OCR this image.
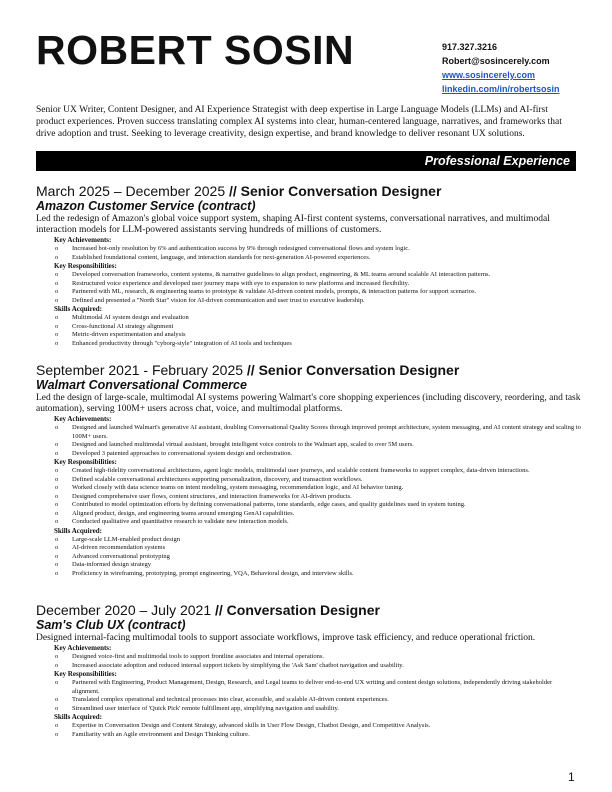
ROBERT SOSIN	917.327.3216
Robert@sosincerely.com
www.sosincerely.com
linkedin.com/in/robertsosin
Senior UX Writer, Content Designer, and AI Experience Strategist with deep expertise in Large Language Models (LLMs) and AI-first product experiences. Proven success translating complex AI systems into clear, human-centered language, narratives, and frameworks that drive adoption and trust. Seeking to leverage creativity, design expertise, and brand knowledge to deliver resonant UX solutions.
Professional Experience
March 2025 – December 2025 // Senior Conversation Designer
Amazon Customer Service (contract)
Led the redesign of Amazon's global voice support system, shaping AI-first content systems, conversational narratives, and multimodal interaction models for LLM-powered assistants serving hundreds of millions of customers.
Key Achievements:
o Increased bot-only resolution by 6% and authentication success by 9% through redesigned conversational flows and system logic.
o Established foundational content, language, and interaction standards for next-generation AI-powered experiences.
Key Responsibilities:
o Developed conversation frameworks, content systems, & narrative guidelines to align product, engineering, & ML teams around scalable AI interaction patterns.
o Restructured voice experience and developed user journey maps with eye to expansion to new platforms and increased flexibility.
o Partnered with ML, research, & engineering teams to prototype & validate AI-driven content models, prompts, & interaction patterns for support scenarios.
o Defined and presented a "North Star" vision for AI-driven communication and user trust to executive leadership.
Skills Acquired:
o Multimodal AI system design and evaluation
o Cross-functional AI strategy alignment
o Metric-driven experimentation and analysis
o Enhanced productivity through "cyborg-style" integration of AI tools and techniques
September 2021 - February 2025 // Senior Conversation Designer
Walmart Conversational Commerce
Led the design of large-scale, multimodal AI systems powering Walmart's core shopping experiences (including discovery, reordering, and task automation), serving 100M+ users across chat, voice, and multimodal platforms.
Key Achievements:
o Designed and launched Walmart's generative AI assistant, doubling Conversational Quality Scores through improved prompt architecture, system messaging, and AI content strategy and scaling to 100M+ users.
o Designed and launched multimodal virtual assistant, brought intelligent voice controls to the Walmart app, scaled to over 5M users.
o Developed 3 patented approaches to conversational system design and orchestration.
Key Responsibilities:
o Created high-fidelity conversational architectures, agent logic models, multimodal user journeys, and scalable content frameworks to support complex, data-driven interactions.
o Defined scalable conversational architectures supporting personalization, discovery, and transaction workflows.
o Worked closely with data science teams on intent modeling, system messaging, recommendation logic, and AI behavior tuning.
o Designed comprehensive user flows, content structures, and interaction frameworks for AI-driven products.
o Contributed to model optimization efforts by defining conversational patterns, tone standards, edge cases, and quality guidelines used in system tuning.
o Aligned product, design, and engineering teams around emerging GenAI capabilities.
o Conducted qualitative and quantitative research to validate new interaction models.
Skills Acquired:
o Large-scale LLM-enabled product design
o AI-driven recommendation systems
o Advanced conversational prototyping
o Data-informed design strategy
o Proficiency in wireframing, prototyping, prompt engineering, VQA, Behavioral design, and interview skills.
December 2020 – July 2021 // Conversation Designer
Sam's Club UX (contract)
Designed internal-facing multimodal tools to support associate workflows, improve task efficiency, and reduce operational friction.
Key Achievements:
o Designed voice-first and multimodal tools to support frontline associates and internal operations.
o Increased associate adoption and reduced internal support tickets by simplifying the 'Ask Sam' chatbot navigation and usability.
Key Responsibilities:
o Partnered with Engineering, Product Management, Design, Research, and Legal teams to deliver end-to-end UX writing and content design solutions, independently driving stakeholder alignment.
o Translated complex operational and technical processes into clear, accessible, and scalable AI-driven content experiences.
o Streamlined user interface of 'Quick Pick' remote fulfillment app, simplifying navigation and usability.
Skills Acquired:
o Expertise in Conversation Design and Content Strategy, advanced skills in User Flow Design, Chatbot Design, and Competitive Analysis.
o Familiarity with an Agile environment and Design Thinking culture.
1
